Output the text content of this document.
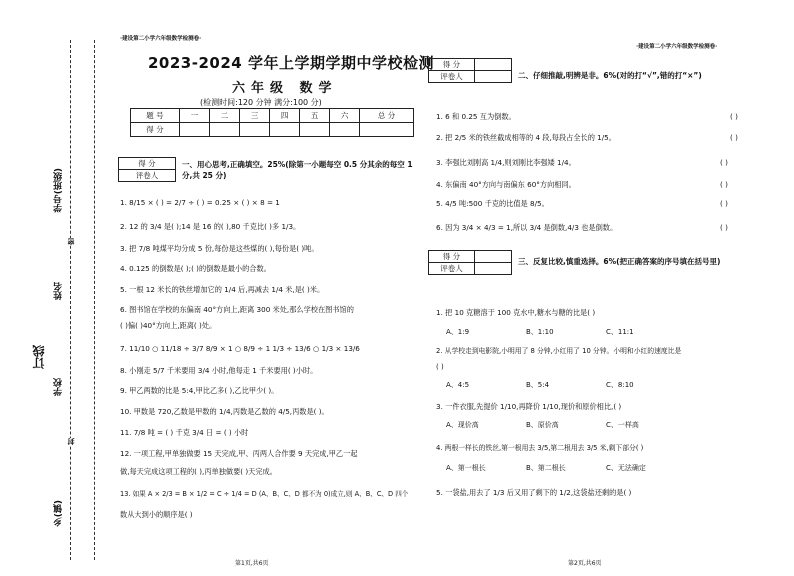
学号(班级)
姓名
学校
乡(镇)
订线
密
封
·建设第二小学六年级数学检测卷·
·建设第二小学六年级数学检测卷·
2023-2024 学年上学期学期中学校检测
六年级 数学
(检测时间:120 分钟 满分:100 分)
题 号	一	二	三	四	五	六	总 分
得 分							
得 分
评卷人
一、用心思考,正确填空。25%(除第一小题每空 0.5 分其余的每空 1 分,共 25 分)
1. 8/15 × ( ) = 2/7 ÷ ( ) = 0.25 × ( ) × 8 = 1
2. 12 的 3/4 是( );14 是 16 的( ),80 千克比( )多 1/3。
3. 把 7/8 吨煤平均分成 5 份,每份是这些煤的( ),每份是( )吨。
4. 0.125 的倒数是( );( )的倒数是最小的合数。
5. 一根 12 米长的铁丝增加它的 1/4 后,再减去 1/4 米,是( )米。
6. 图书馆在学校的东偏南 40°方向上,距离 300 米处,那么学校在图书馆的
( )偏( )40°方向上,距离( )处。
7. 11/10 ○ 11/18 ÷ 3/7 8/9 × 1 ○ 8/9 ÷ 1 1/3 ÷ 13/6 ○ 1/3 × 13/6
8. 小刚走 5/7 千米要用 3/4 小时,他每走 1 千米要用( )小时。
9. 甲乙两数的比是 5:4,甲比乙多( ),乙比甲少( )。
10. 甲数是 720,乙数是甲数的 1/4,丙数是乙数的 4/5,丙数是( )。
11. 7/8 吨 = ( ) 千克 3/4 日 = ( ) 小时
12. 一项工程,甲单独做要 15 天完成,甲、丙两人合作要 9 天完成,甲乙一起
做,每天完成这项工程的( ),丙单独做要( )天完成。
13. 如果 A × 2/3 = B × 1/2 = C ÷ 1/4 = D (A、B、C、D 都不为 0)成立,则 A、B、C、D 四个
数从大到小的顺序是( )
得 分	
评卷人		二、仔细推敲,明辨是非。6%(对的打“√”,错的打“×”)
1. 6 和 0.25 互为倒数。	( )
2. 把 2/5 米的铁丝截成相等的 4 段,每段占全长的 1/5。	( )
3. 李强比刘刚高 1/4,则刘刚比李强矮 1/4。	( )
4. 东偏南 40°方向与南偏东 60°方向相同。	( )
5. 4/5 吨:500 千克的比值是 8/5。	( )
6. 因为 3/4 × 4/3 = 1,所以 3/4 是倒数,4/3 也是倒数。	( )
得 分	
评卷人	
三、反复比较,慎重选择。6%(把正确答案的序号填在括号里)
1. 把 10 克糖溶于 100 克水中,糖水与糖的比是( )
A、1:9	B、1:10	C、11:1
2. 从学校走到电影院,小明用了 8 分钟,小红用了 10 分钟。小明和小红的速度比是
( )
A、4:5	B、5:4	C、8:10
3. 一件衣服,先提价 1/10,再降价 1/10,现价和原价相比,( )
A、现价高	B、原价高	C、一样高
4. 两根一样长的铁丝,第一根用去 3/5,第二根用去 3/5 米,剩下部分( )
A、第一根长	B、第二根长	C、无法确定
5. 一袋盐,用去了 1/3 后又用了剩下的 1/2,这袋盐还剩的是( )
第1页,共6页	第2页,共6页
